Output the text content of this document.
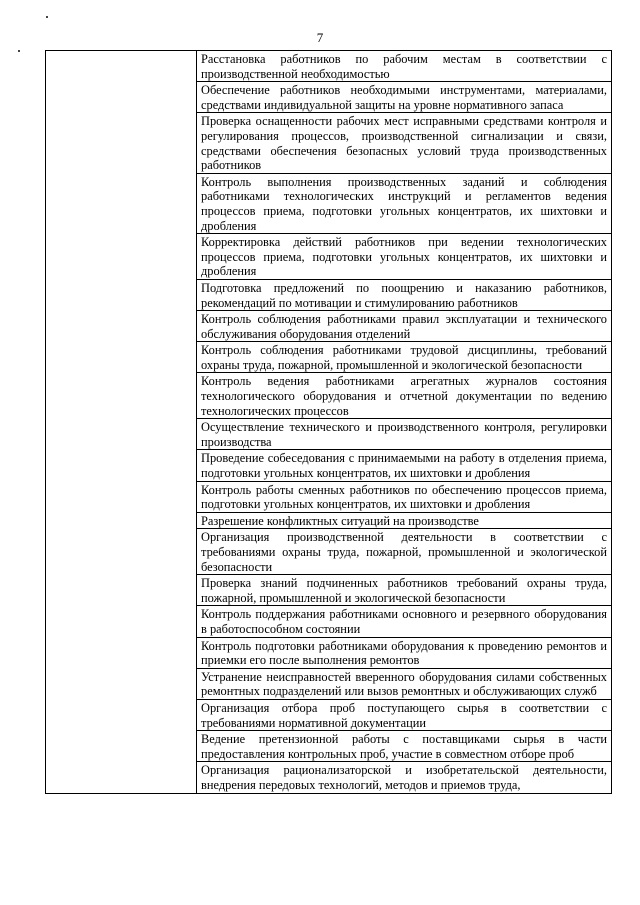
7

Расстановка работников по рабочим местам в соответствии с производственной необходимостью

Обеспечение работников необходимыми инструментами, материалами, средствами индивидуальной защиты на уровне нормативного запаса

Проверка оснащенности рабочих мест исправными средствами контроля и регулирования процессов, производственной сигнализации и связи, средствами обеспечения безопасных условий труда производственных работников

Контроль выполнения производственных заданий и соблюдения работниками технологических инструкций и регламентов ведения процессов приема, подготовки угольных концентратов, их шихтовки и дробления

Корректировка действий работников при ведении технологических процессов приема, подготовки угольных концентратов, их шихтовки и дробления

Подготовка предложений по поощрению и наказанию работников, рекомендаций по мотивации и стимулированию работников

Контроль соблюдения работниками правил эксплуатации и технического обслуживания оборудования отделений

Контроль соблюдения работниками трудовой дисциплины, требований охраны труда, пожарной, промышленной и экологической безопасности

Контроль ведения работниками агрегатных журналов состояния технологического оборудования и отчетной документации по ведению технологических процессов

Осуществление технического и производственного контроля, регулировки производства

Проведение собеседования с принимаемыми на работу в отделения приема, подготовки угольных концентратов, их шихтовки и дробления

Контроль работы сменных работников по обеспечению процессов приема, подготовки угольных концентратов, их шихтовки и дробления

Разрешение конфликтных ситуаций на производстве

Организация производственной деятельности в соответствии с требованиями охраны труда, пожарной, промышленной и экологической безопасности

Проверка знаний подчиненных работников требований охраны труда, пожарной, промышленной и экологической безопасности

Контроль поддержания работниками основного и резервного оборудования в работоспособном состоянии

Контроль подготовки работниками оборудования к проведению ремонтов и приемки его после выполнения ремонтов

Устранение неисправностей вверенного оборудования силами собственных ремонтных подразделений или вызов ремонтных и обслуживающих служб

Организация отбора проб поступающего сырья в соответствии с требованиями нормативной документации

Ведение претензионной работы с поставщиками сырья в части предоставления контрольных проб, участие в совместном отборе проб

Организация рационализаторской и изобретательской деятельности, внедрения передовых технологий, методов и приемов труда,
